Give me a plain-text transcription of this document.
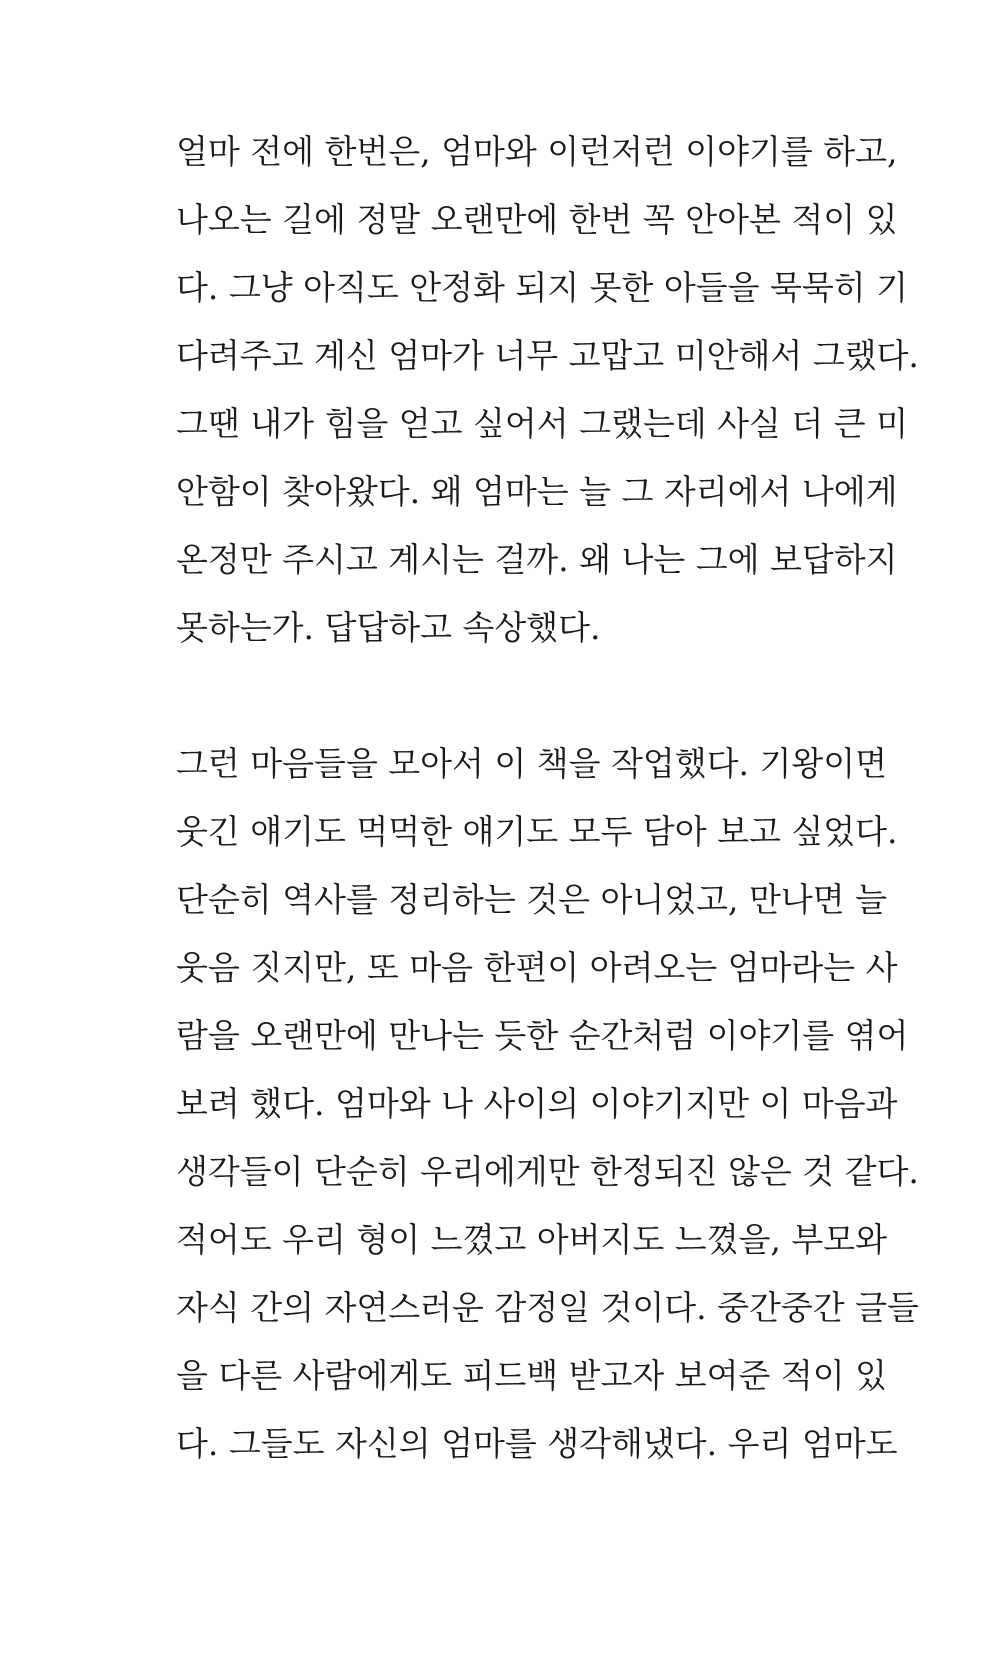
얼마 전에 한번은, 엄마와 이런저런 이야기를 하고,
나오는 길에 정말 오랜만에 한번 꼭 안아본 적이 있
다. 그냥 아직도 안정화 되지 못한 아들을 묵묵히 기
다려주고 계신 엄마가 너무 고맙고 미안해서 그랬다.
그땐 내가 힘을 얻고 싶어서 그랬는데 사실 더 큰 미
안함이 찾아왔다. 왜 엄마는 늘 그 자리에서 나에게
온정만 주시고 계시는 걸까. 왜 나는 그에 보답하지
못하는가. 답답하고 속상했다.
그런 마음들을 모아서 이 책을 작업했다. 기왕이면
웃긴 얘기도 먹먹한 얘기도 모두 담아 보고 싶었다.
단순히 역사를 정리하는 것은 아니었고, 만나면 늘
웃음 짓지만, 또 마음 한편이 아려오는 엄마라는 사
람을 오랜만에 만나는 듯한 순간처럼 이야기를 엮어
보려 했다. 엄마와 나 사이의 이야기지만 이 마음과
생각들이 단순히 우리에게만 한정되진 않은 것 같다.
적어도 우리 형이 느꼈고 아버지도 느꼈을, 부모와
자식 간의 자연스러운 감정일 것이다. 중간중간 글들
을 다른 사람에게도 피드백 받고자 보여준 적이 있
다. 그들도 자신의 엄마를 생각해냈다. 우리 엄마도
